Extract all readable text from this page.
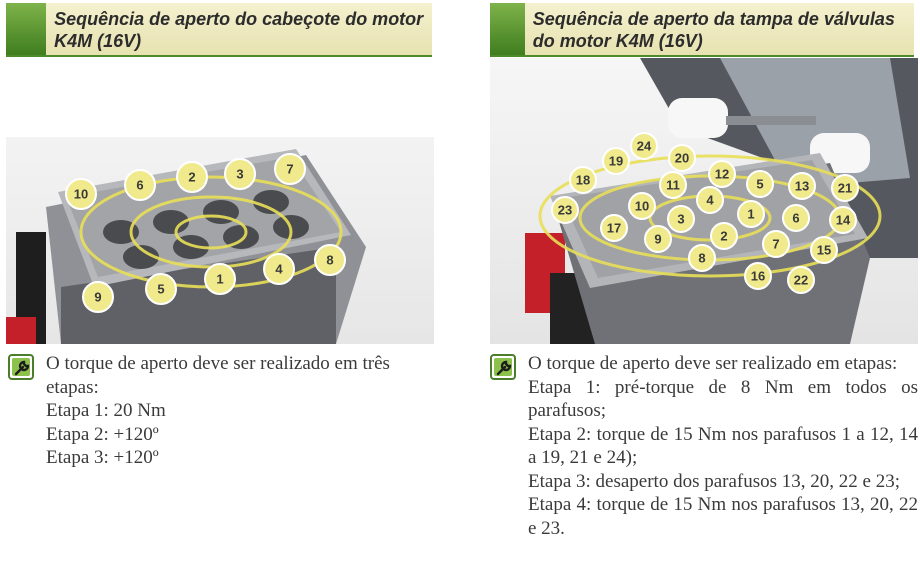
Sequência de aperto do cabeçote do motor K4M (16V)
10
6
2	3	7
9
5
1
4
8

O torque de aperto deve ser realizado em três etapas:

Etapa 1: 20 Nm

Etapa 2: +120º

Etapa 3: +120º

Sequência de aperto da tampa de válvulas do motor K4M (16V)
24
20
19
18	12
11	5 13 21
23	10	4
3	1	6	14
17
9	2
7	15
8
16 22

O torque de aperto deve ser realizado em etapas:

Etapa 1: pré-torque de 8 Nm em todos os parafusos;

Etapa 2: torque de 15 Nm nos parafusos 1 a 12, 14 a 19, 21 e 24);

Etapa 3: desaperto dos parafusos 13, 20, 22 e 23;

Etapa 4: torque de 15 Nm nos parafusos 13, 20, 22 e 23.
